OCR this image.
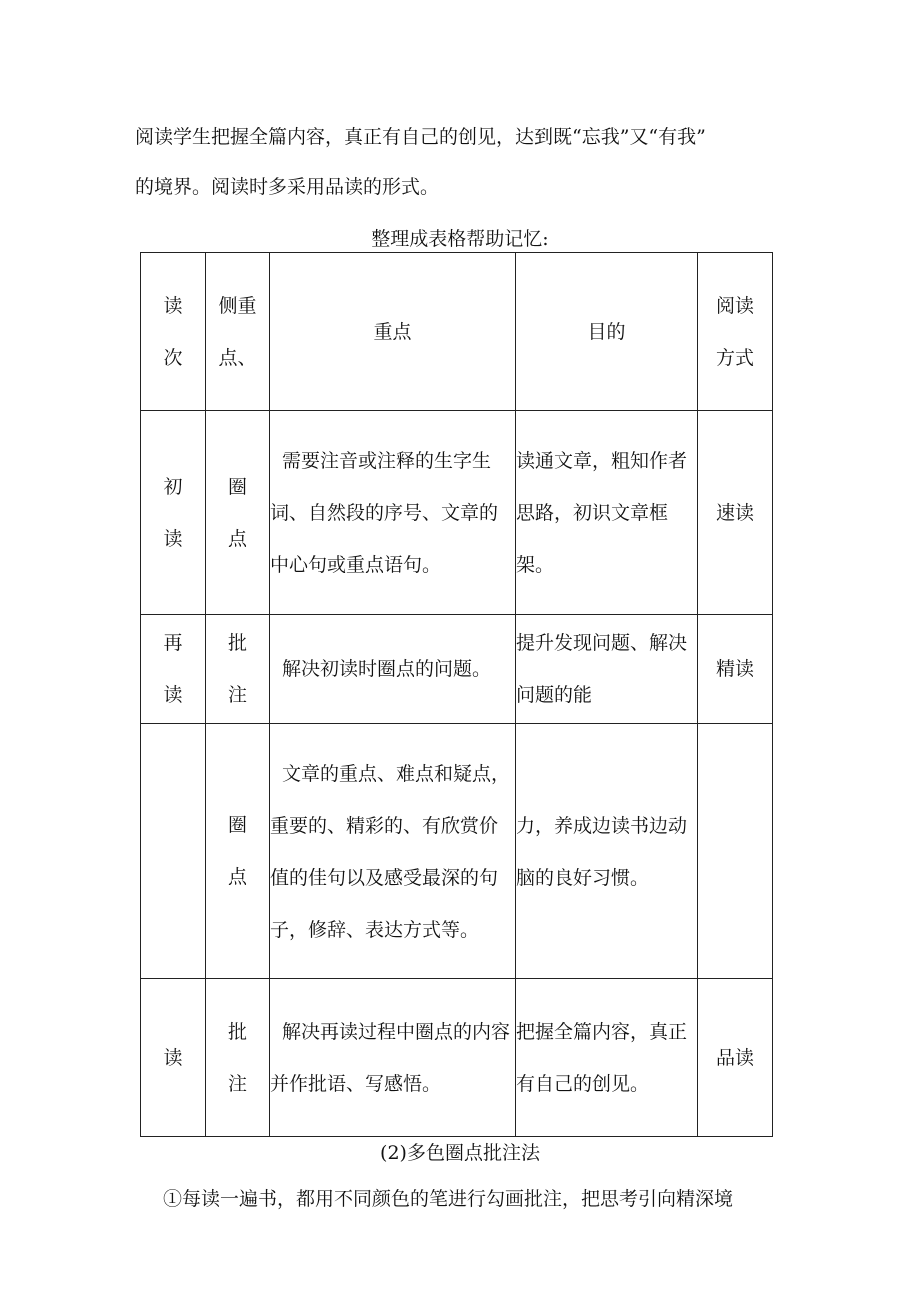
阅读学生把握全篇内容，真正有自己的创见，达到既“忘我”又“有我”

的境界。阅读时多采用品读的形式。

整理成表格帮助记忆:

读
次	侧重
点、	重点	目的	阅读
方式

初
读	圈
点	需要注音或注释的生字生词、自然段的序号、文章的中心句或重点语句。	读通文章，粗知作者思路，初识文章框架。	速读

再
读	批
注	解决初读时圈点的问题。	提升发现问题、解决问题的能	精读

	圈
点	文章的重点、难点和疑点，重要的、精彩的、有欣赏价值的佳句以及感受最深的句子，修辞、表达方式等。	力，养成边读书边动脑的良好习惯。	

读	批
注	解决再读过程中圈点的内容并作批语、写感悟。	把握全篇内容，真正有自己的创见。	品读

(2)多色圈点批注法

①每读一遍书，都用不同颜色的笔进行勾画批注，把思考引向精深境
